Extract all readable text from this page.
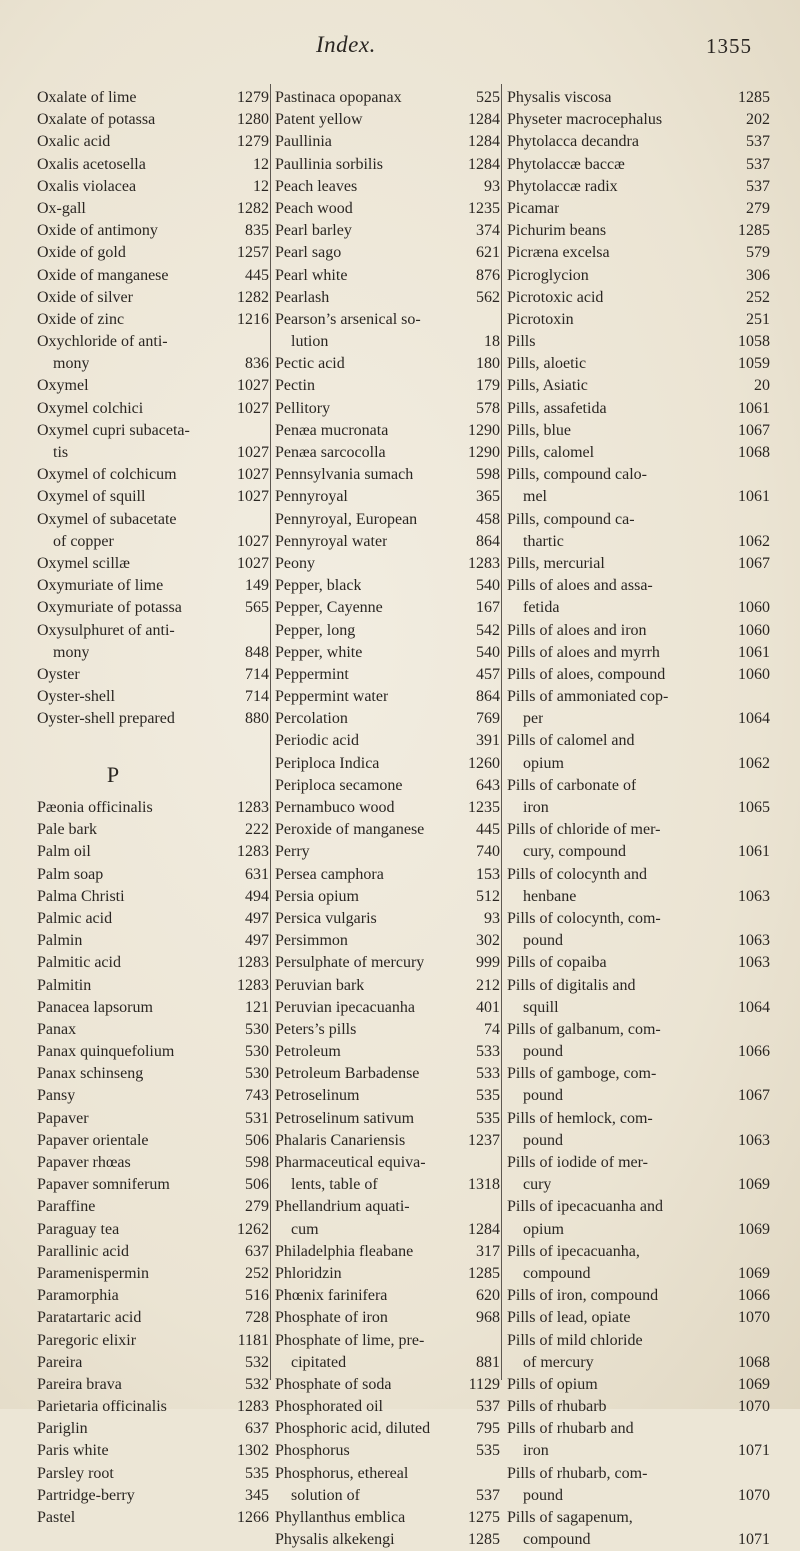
Index.	1355
Oxalate of lime	1279
Oxalate of potassa	1280
Oxalic acid	1279
Oxalis acetosella	12
Oxalis violacea	12
Ox-gall	1282
Oxide of antimony	835
Oxide of gold	1257
Oxide of manganese	445
Oxide of silver	1282
Oxide of zinc	1216
Oxychloride of anti-
mony	836
Oxymel	1027
Oxymel colchici	1027
Oxymel cupri subaceta-
tis	1027
Oxymel of colchicum	1027
Oxymel of squill	1027
Oxymel of subacetate
of copper	1027
Oxymel scillæ	1027
Oxymuriate of lime	149
Oxymuriate of potassa	565
Oxysulphuret of anti-
mony	848
Oyster	714
Oyster-shell	714
Oyster-shell prepared	880
P
Pæonia officinalis	1283
Pale bark	222
Palm oil	1283
Palm soap	631
Palma Christi	494
Palmic acid	497
Palmin	497
Palmitic acid	1283
Palmitin	1283
Panacea lapsorum	121
Panax	530
Panax quinquefolium	530
Panax schinseng	530
Pansy	743
Papaver	531
Papaver orientale	506
Papaver rhœas	598
Papaver somniferum	506
Paraffine	279
Paraguay tea	1262
Parallinic acid	637
Paramenispermin	252
Paramorphia	516
Paratartaric acid	728
Paregoric elixir	1181
Pareira	532
Pareira brava	532
Parietaria officinalis	1283
Pariglin	637
Paris white	1302
Parsley root	535
Partridge-berry	345
Pastel	1266
Pastinaca opopanax	525
Patent yellow	1284
Paullinia	1284
Paullinia sorbilis	1284
Peach leaves	93
Peach wood	1235
Pearl barley	374
Pearl sago	621
Pearl white	876
Pearlash	562
Pearson’s arsenical so-
lution	18
Pectic acid	180
Pectin	179
Pellitory	578
Penæa mucronata	1290
Penæa sarcocolla	1290
Pennsylvania sumach	598
Pennyroyal	365
Pennyroyal, European	458
Pennyroyal water	864
Peony	1283
Pepper, black	540
Pepper, Cayenne	167
Pepper, long	542
Pepper, white	540
Peppermint	457
Peppermint water	864
Percolation	769
Periodic acid	391
Periploca Indica	1260
Periploca secamone	643
Pernambuco wood	1235
Peroxide of manganese	445
Perry	740
Persea camphora	153
Persia opium	512
Persica vulgaris	93
Persimmon	302
Persulphate of mercury	999
Peruvian bark	212
Peruvian ipecacuanha	401
Peters’s pills	74
Petroleum	533
Petroleum Barbadense	533
Petroselinum	535
Petroselinum sativum	535
Phalaris Canariensis	1237
Pharmaceutical equiva-
lents, table of	1318
Phellandrium aquati-
cum	1284
Philadelphia fleabane	317
Phloridzin	1285
Phœnix farinifera	620
Phosphate of iron	968
Phosphate of lime, pre-
cipitated	881
Phosphate of soda	1129
Phosphorated oil	537
Phosphoric acid, diluted	795
Phosphorus	535
Phosphorus, ethereal
solution of	537
Phyllanthus emblica	1275
Physalis alkekengi	1285
Physalis viscosa	1285
Physeter macrocephalus	202
Phytolacca decandra	537
Phytolaccæ baccæ	537
Phytolaccæ radix	537
Picamar	279
Pichurim beans	1285
Picræna excelsa	579
Picroglycion	306
Picrotoxic acid	252
Picrotoxin	251
Pills	1058
Pills, aloetic	1059
Pills, Asiatic	20
Pills, assafetida	1061
Pills, blue	1067
Pills, calomel	1068
Pills, compound calo-
mel	1061
Pills, compound ca-
thartic	1062
Pills, mercurial	1067
Pills of aloes and assa-
fetida	1060
Pills of aloes and iron	1060
Pills of aloes and myrrh	1061
Pills of aloes, compound	1060
Pills of ammoniated cop-
per	1064
Pills of calomel and
opium	1062
Pills of carbonate of
iron	1065
Pills of chloride of mer-
cury, compound	1061
Pills of colocynth and
henbane	1063
Pills of colocynth, com-
pound	1063
Pills of copaiba	1063
Pills of digitalis and
squill	1064
Pills of galbanum, com-
pound	1066
Pills of gamboge, com-
pound	1067
Pills of hemlock, com-
pound	1063
Pills of iodide of mer-
cury	1069
Pills of ipecacuanha and
opium	1069
Pills of ipecacuanha,
compound	1069
Pills of iron, compound	1066
Pills of lead, opiate	1070
Pills of mild chloride
of mercury	1068
Pills of opium	1069
Pills of rhubarb	1070
Pills of rhubarb and
iron	1071
Pills of rhubarb, com-
pound	1070
Pills of sagapenum,
compound	1071
